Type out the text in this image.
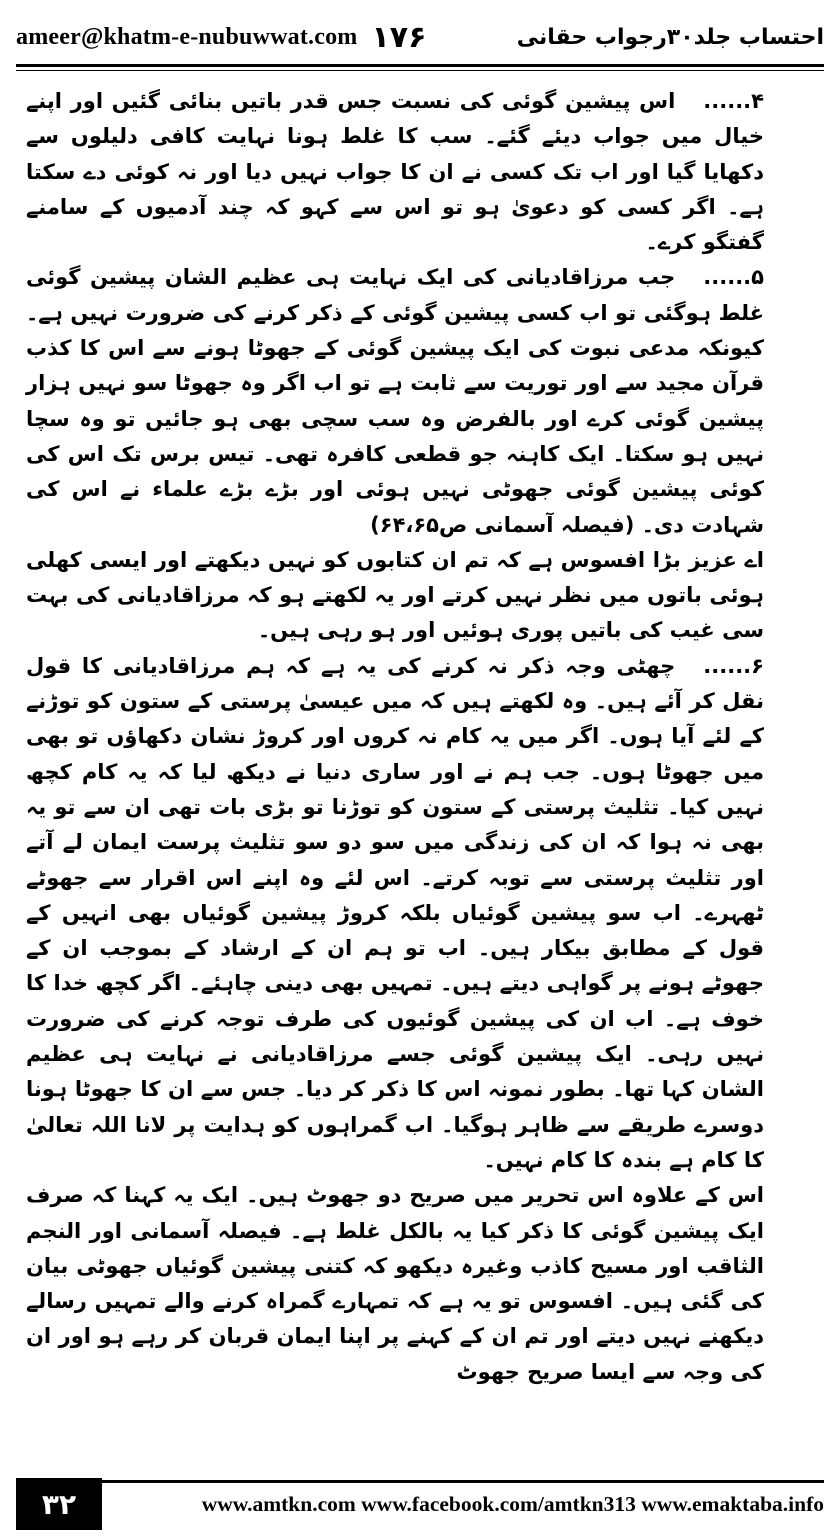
ameer@khatm-e-nubuwwat.com ۱۷۶	احتساب جلد۳۰رجواب حقانی

۴......اس پیشین گوئی کی نسبت جس قدر باتیں بنائی گئیں اور اپنے خیال میں جواب دیئے گئے۔ سب کا غلط ہونا نہایت کافی دلیلوں سے دکھایا گیا اور اب تک کسی نے ان کا جواب نہیں دیا اور نہ کوئی دے سکتا ہے۔ اگر کسی کو دعویٰ ہو تو اس سے کہو کہ چند آدمیوں کے سامنے گفتگو کرے۔

۵......جب مرزاقادیانی کی ایک نہایت ہی عظیم الشان پیشین گوئی غلط ہوگئی تو اب کسی پیشین گوئی کے ذکر کرنے کی ضرورت نہیں ہے۔ کیونکہ مدعی نبوت کی ایک پیشین گوئی کے جھوٹا ہونے سے اس کا کذب قرآن مجید سے اور توریت سے ثابت ہے تو اب اگر وہ جھوٹا سو نہیں ہزار پیشین گوئی کرے اور بالفرض وہ سب سچی بھی ہو جائیں تو وہ سچا نہیں ہو سکتا۔ ایک کاہنہ جو قطعی کافرہ تھی۔ تیس برس تک اس کی کوئی پیشین گوئی جھوٹی نہیں ہوئی اور بڑے بڑے علماء نے اس کی شہادت دی۔ (فیصلہ آسمانی ص۶۴،۶۵)

اے عزیز بڑا افسوس ہے کہ تم ان کتابوں کو نہیں دیکھتے اور ایسی کھلی ہوئی باتوں میں نظر نہیں کرتے اور یہ لکھتے ہو کہ مرزاقادیانی کی بہت سی غیب کی باتیں پوری ہوئیں اور ہو رہی ہیں۔

۶......چھٹی وجہ ذکر نہ کرنے کی یہ ہے کہ ہم مرزاقادیانی کا قول نقل کر آئے ہیں۔ وہ لکھتے ہیں کہ میں عیسیٰ پرستی کے ستون کو توڑنے کے لئے آیا ہوں۔ اگر میں یہ کام نہ کروں اور کروڑ نشان دکھاؤں تو بھی میں جھوٹا ہوں۔ جب ہم نے اور ساری دنیا نے دیکھ لیا کہ یہ کام کچھ نہیں کیا۔ تثلیث پرستی کے ستون کو توڑنا تو بڑی بات تھی ان سے تو یہ بھی نہ ہوا کہ ان کی زندگی میں سو دو سو تثلیث پرست ایمان لے آتے اور تثلیث پرستی سے توبہ کرتے۔ اس لئے وہ اپنے اس اقرار سے جھوٹے ٹھہرے۔ اب سو پیشین گوئیاں بلکہ کروڑ پیشین گوئیاں بھی انہیں کے قول کے مطابق بیکار ہیں۔ اب تو ہم ان کے ارشاد کے بموجب ان کے جھوٹے ہونے پر گواہی دیتے ہیں۔ تمہیں بھی دینی چاہئے۔ اگر کچھ خدا کا خوف ہے۔ اب ان کی پیشین گوئیوں کی طرف توجہ کرنے کی ضرورت نہیں رہی۔ ایک پیشین گوئی جسے مرزاقادیانی نے نہایت ہی عظیم الشان کہا تھا۔ بطور نمونہ اس کا ذکر کر دیا۔ جس سے ان کا جھوٹا ہونا دوسرے طریقے سے ظاہر ہوگیا۔ اب گمراہوں کو ہدایت پر لانا اللہ تعالیٰ کا کام ہے بندہ کا کام نہیں۔

اس کے علاوہ اس تحریر میں صریح دو جھوٹ ہیں۔ ایک یہ کہنا کہ صرف ایک پیشین گوئی کا ذکر کیا یہ بالکل غلط ہے۔ فیصلہ آسمانی اور النجم الثاقب اور مسیح کاذب وغیرہ دیکھو کہ کتنی پیشین گوئیاں جھوٹی بیان کی گئی ہیں۔ افسوس تو یہ ہے کہ تمہارے گمراہ کرنے والے تمہیں رسالے دیکھنے نہیں دیتے اور تم ان کے کہنے پر اپنا ایمان قربان کر رہے ہو اور ان کی وجہ سے ایسا صریح جھوٹ

۳۲	www.amtkn.com www.facebook.com/amtkn313 www.emaktaba.info
